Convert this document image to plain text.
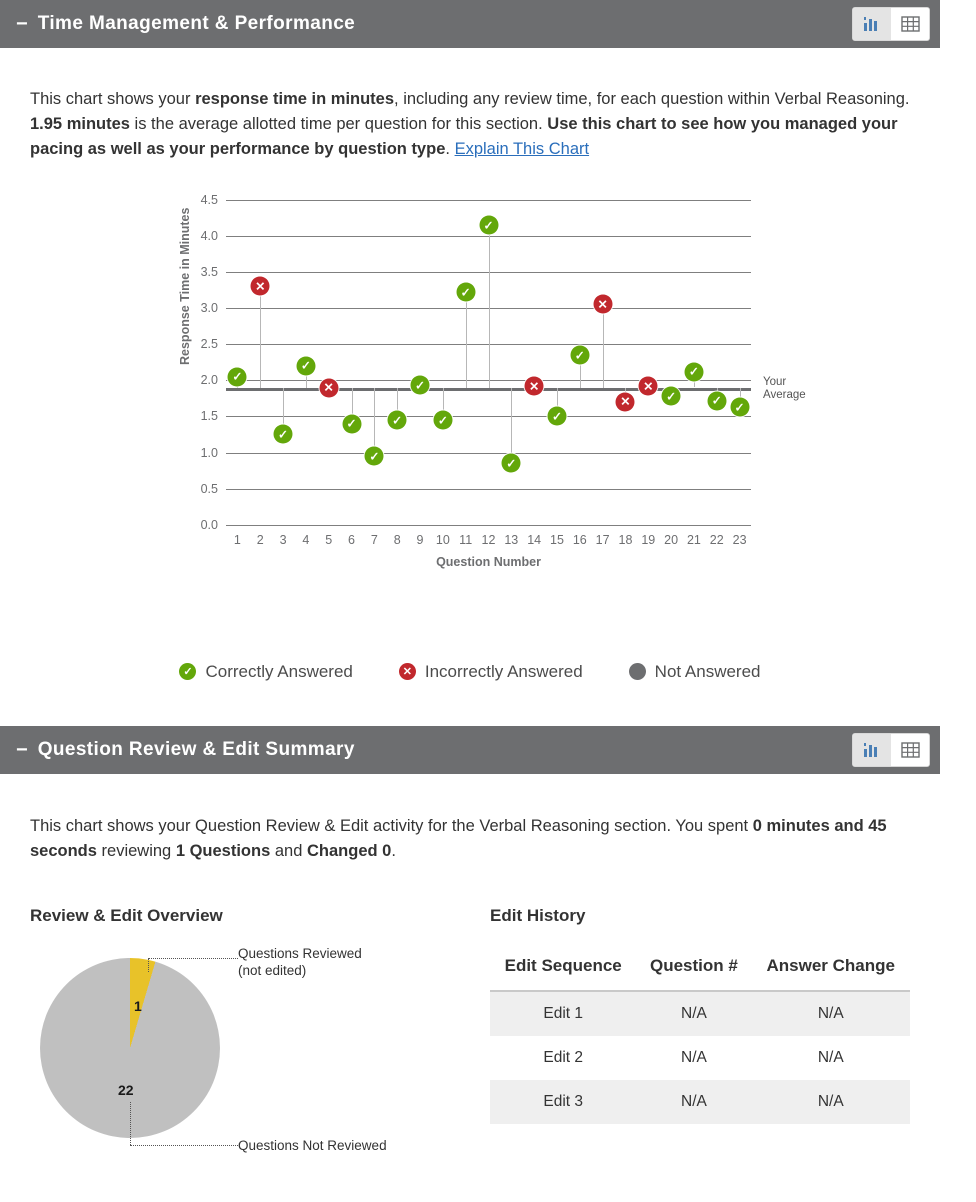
− Time Management & Performance

This chart shows your response time in minutes, including any review time, for each question within Verbal Reasoning. 1.95 minutes is the average allotted time per question for this section. Use this chart to see how you managed your pacing as well as your performance by question type. Explain This Chart

Response Time in Minutes
0.0
0.5
1.0
1.5
2.0
2.5
3.0
3.5
4.0
4.5
Your
Average
1 2 3 4 5 6 7 8 9 10 11 12 13 14 15 16 17 18 19 20 21 22 23
Question Number
✓
✕
✓
✓
✕
✓
✓
✓
✓
✓
✓
✓
✓
✕
✓
✓
✕
✕
✕
✓
✓
✓	✓
✓ Correctly Answered	✕ Incorrectly Answered	Not Answered
− Question Review & Edit Summary

This chart shows your Question Review & Edit activity for the Verbal Reasoning section. You spent 0 minutes and 45 seconds reviewing 1 Questions and Changed 0.

Review & Edit Overview
1
22
Questions Reviewed
(not edited)
Questions Not Reviewed
Edit History
Edit Sequence	Question #	Answer Change
Edit 1	N/A	N/A
Edit 2	N/A	N/A
Edit 3	N/A	N/A
